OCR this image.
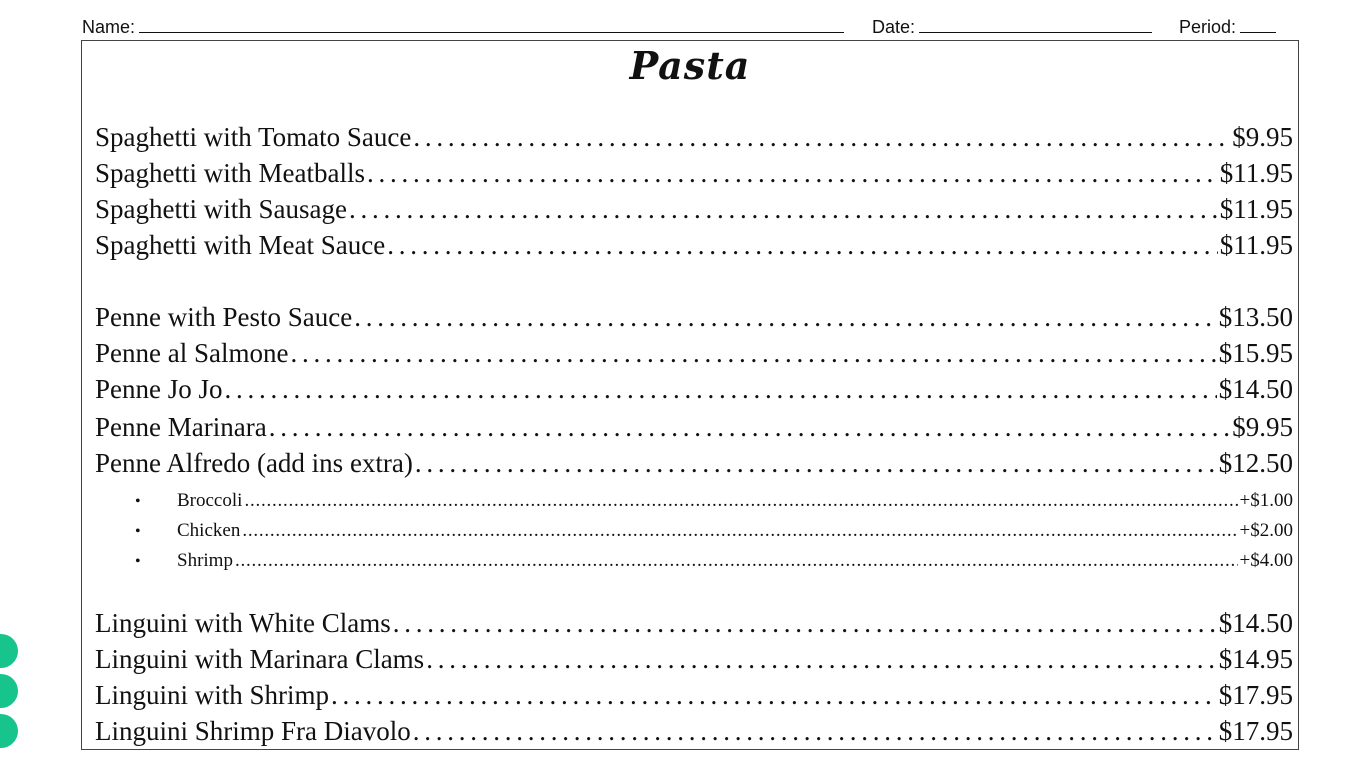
Name:	Date:	Period:
Pasta
Spaghetti with Tomato Sauce . . .	$9.95
Spaghetti with Meatballs . . .	$11.95
Spaghetti with Sausage . . .	$11.95
Spaghetti with Meat Sauce . . .	$11.95
Penne with Pesto Sauce . . .	$13.50
Penne al Salmone . . .	$15.95
Penne Jo Jo . . .	$14.50
Penne Marinara . . .	$9.95
Penne Alfredo (add ins extra) . . .	$12.50
•	Broccoli . . .	+$1.00
•	Chicken . . .	+$2.00
•	Shrimp . . .	+$4.00
Linguini with White Clams . . .	$14.50
Linguini with Marinara Clams . . .	$14.95
Linguini with Shrimp . . .	$17.95
Linguini Shrimp Fra Diavolo . . .	$17.95
